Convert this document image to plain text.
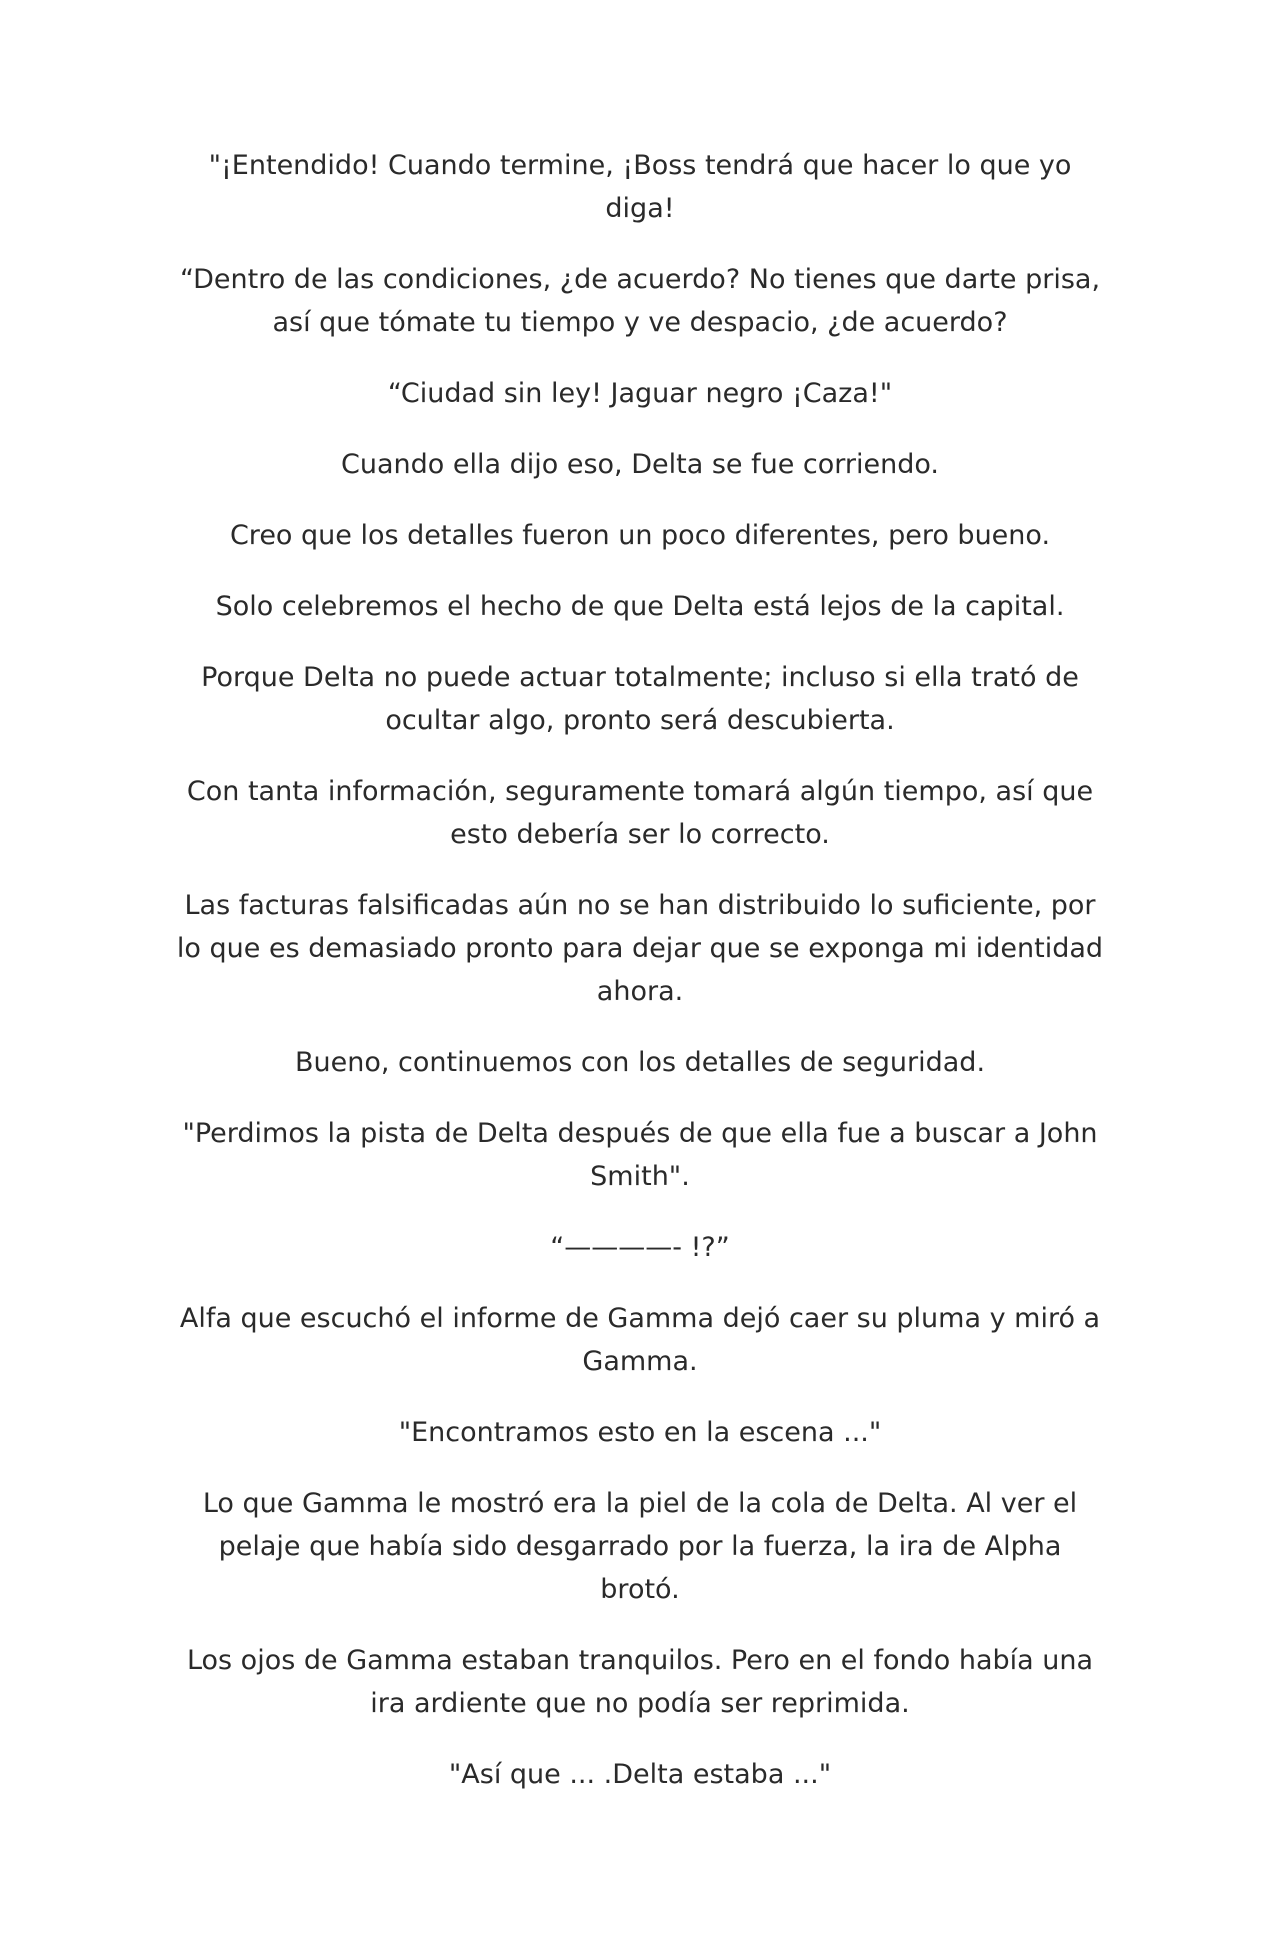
"¡Entendido! Cuando termine, ¡Boss tendrá que hacer lo que yo diga!

“Dentro de las condiciones, ¿de acuerdo? No tienes que darte prisa, así que tómate tu tiempo y ve despacio, ¿de acuerdo?

“Ciudad sin ley! Jaguar negro ¡Caza!"

Cuando ella dijo eso, Delta se fue corriendo.

Creo que los detalles fueron un poco diferentes, pero bueno.

Solo celebremos el hecho de que Delta está lejos de la capital.

Porque Delta no puede actuar totalmente; incluso si ella trató de ocultar algo, pronto será descubierta.

Con tanta información, seguramente tomará algún tiempo, así que esto debería ser lo correcto.

Las facturas falsificadas aún no se han distribuido lo suficiente, por lo que es demasiado pronto para dejar que se exponga mi identidad ahora.

Bueno, continuemos con los detalles de seguridad.

"Perdimos la pista de Delta después de que ella fue a buscar a John Smith".

“————- !?”

Alfa que escuchó el informe de Gamma dejó caer su pluma y miró a Gamma.

"Encontramos esto en la escena ..."

Lo que Gamma le mostró era la piel de la cola de Delta. Al ver el pelaje que había sido desgarrado por la fuerza, la ira de Alpha brotó.

Los ojos de Gamma estaban tranquilos. Pero en el fondo había una ira ardiente que no podía ser reprimida.

"Así que ... .Delta estaba ..."
